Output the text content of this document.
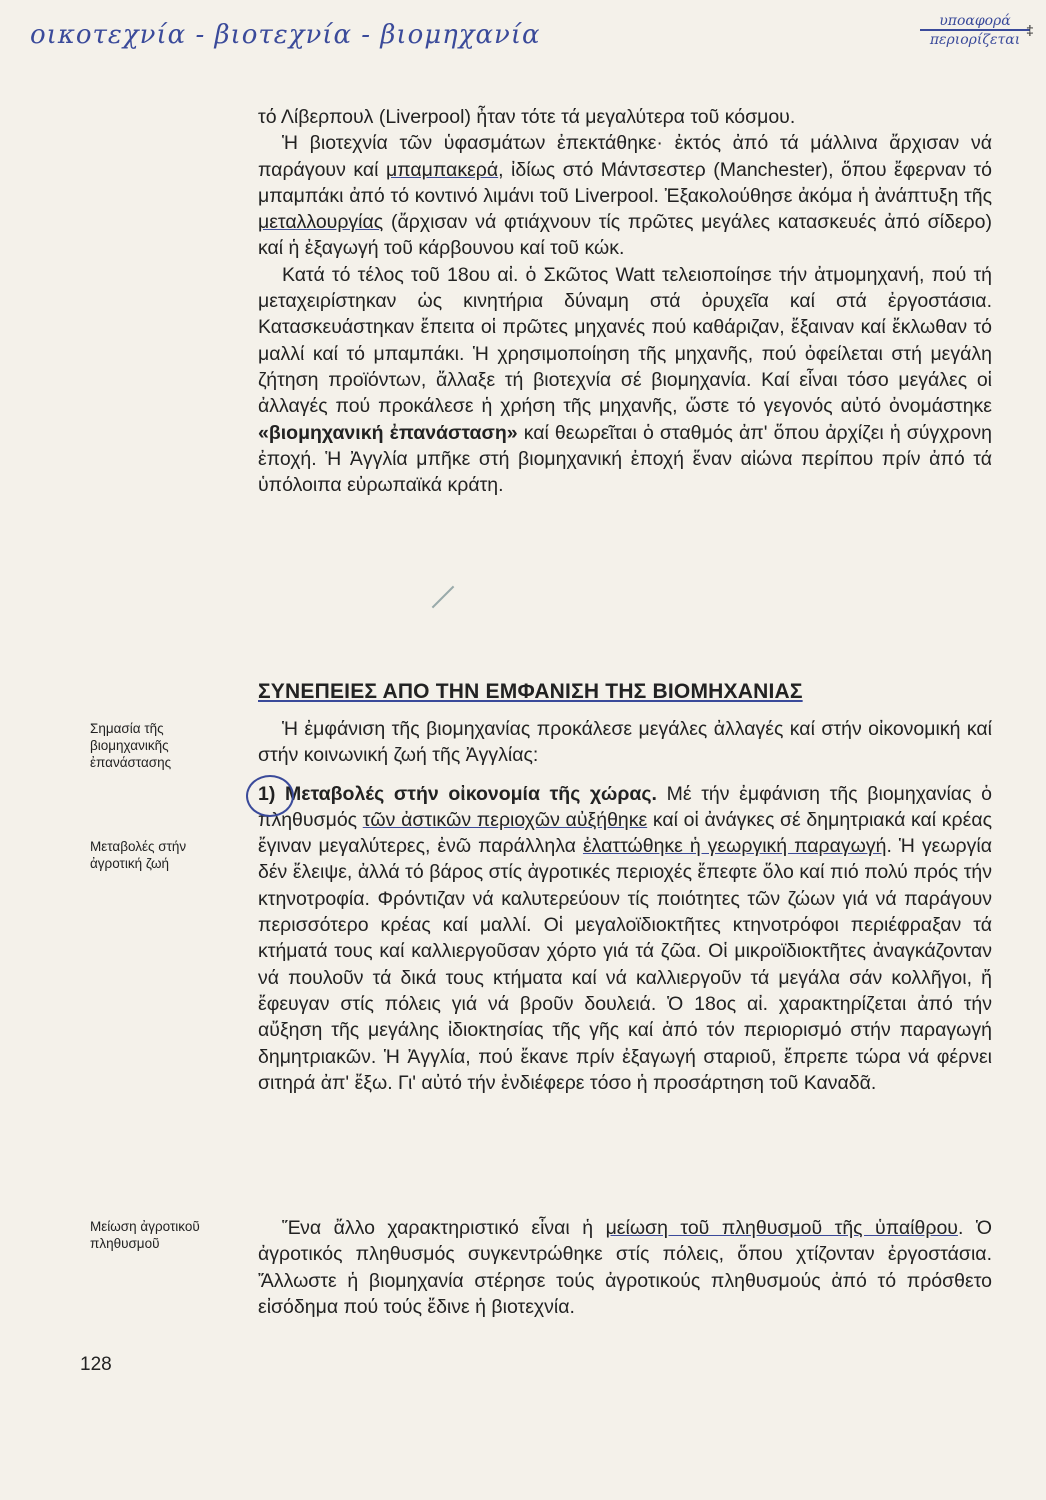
οικοτεχνία - βιοτεχνία - βιομηχανία	υποαφορά
περιορίζεται
‡

τό Λίβερπουλ (Liverpool) ἦταν τότε τά μεγαλύτερα τοῦ κόσμου.

Ἡ βιοτεχνία τῶν ὑφασμάτων ἐπεκτάθηκε· ἐκτός ἀπό τά μάλλινα ἄρχισαν νά παράγουν καί μπαμπακερά, ἰδίως στό Μάντσεστερ (Manchester), ὅπου ἔφερναν τό μπαμπάκι ἀπό τό κοντινό λιμάνι τοῦ Liverpool. Ἐξακολούθησε ἀκόμα ἡ ἀνάπτυξη τῆς μεταλλουργίας (ἄρχισαν νά φτιάχνουν τίς πρῶτες μεγάλες κατασκευές ἀπό σίδερο) καί ἡ ἐξαγωγή τοῦ κάρβουνου καί τοῦ κώκ.

Κατά τό τέλος τοῦ 18ου αἰ. ὁ Σκῶτος Watt τελειοποίησε τήν ἀτμομηχανή, πού τή μεταχειρίστηκαν ὡς κινητήρια δύναμη στά ὀρυχεῖα καί στά ἐργοστάσια. Κατασκευάστηκαν ἔπειτα οἱ πρῶτες μηχανές πού καθάριζαν, ἔξαιναν καί ἔκλωθαν τό μαλλί καί τό μπαμπάκι. Ἡ χρησιμοποίηση τῆς μηχανῆς, πού ὀφείλεται στή μεγάλη ζήτηση προϊόντων, ἄλλαξε τή βιοτεχνία σέ βιομηχανία. Καί εἶναι τόσο μεγάλες οἱ ἀλλαγές πού προκάλεσε ἡ χρήση τῆς μηχανῆς, ὥστε τό γεγονός αὐτό ὀνομάστηκε «βιομηχανική ἐπανάσταση» καί θεωρεῖται ὁ σταθμός ἀπ' ὅπου ἀρχίζει ἡ σύγχρονη ἐποχή. Ἡ Ἀγγλία μπῆκε στή βιομηχανική ἐποχή ἕναν αἰώνα περίπου πρίν ἀπό τά ὑπόλοιπα εὐρωπαϊκά κράτη.

ΣΥΝΕΠΕΙΕΣ ΑΠΟ ΤΗΝ ΕΜΦΑΝΙΣΗ ΤΗΣ ΒΙΟΜΗΧΑΝΙΑΣ

Ἡ ἐμφάνιση τῆς βιομηχανίας προκάλεσε μεγάλες ἀλλαγές καί στήν οἰκονομική καί στήν κοινωνική ζωή τῆς Ἀγγλίας:

1) Μεταβολές στήν οἰκονομία τῆς χώρας. Μέ τήν ἐμφάνιση τῆς βιομηχανίας ὁ πληθυσμός τῶν ἀστικῶν περιοχῶν αὐξήθηκε καί οἱ ἀνάγκες σέ δημητριακά καί κρέας ἔγιναν μεγαλύτερες, ἐνῶ παράλληλα ἐλαττώθηκε ἡ γεωργική παραγωγή. Ἡ γεωργία δέν ἔλειψε, ἀλλά τό βάρος στίς ἀγροτικές περιοχές ἔπεφτε ὅλο καί πιό πολύ πρός τήν κτηνοτροφία. Φρόντιζαν νά καλυτερεύουν τίς ποιότητες τῶν ζώων γιά νά παράγουν περισσότερο κρέας καί μαλλί. Οἱ μεγαλοϊδιοκτῆτες κτηνοτρόφοι περιέφραξαν τά κτήματά τους καί καλλιεργοῦσαν χόρτο γιά τά ζῶα. Οἱ μικροϊδιοκτῆτες ἀναγκάζονταν νά πουλοῦν τά δικά τους κτήματα καί νά καλλιεργοῦν τά μεγάλα σάν κολλῆγοι, ἤ ἔφευγαν στίς πόλεις γιά νά βροῦν δουλειά. Ὁ 18ος αἰ. χαρακτηρίζεται ἀπό τήν αὔξηση τῆς μεγάλης ἰδιοκτησίας τῆς γῆς καί ἀπό τόν περιορισμό στήν παραγωγή δημητριακῶν. Ἡ Ἀγγλία, πού ἔκανε πρίν ἐξαγωγή σταριοῦ, ἔπρεπε τώρα νά φέρνει σιτηρά ἀπ' ἔξω. Γι' αὐτό τήν ἐνδιέφερε τόσο ἡ προσάρτηση τοῦ Καναδᾶ.

Ἕνα ἄλλο χαρακτηριστικό εἶναι ἡ μείωση τοῦ πληθυσμοῦ τῆς ὑπαίθρου. Ὁ ἀγροτικός πληθυσμός συγκεντρώθηκε στίς πόλεις, ὅπου χτίζονταν ἐργοστάσια. Ἄλλωστε ἡ βιομηχανία στέρησε τούς ἀγροτικούς πληθυσμούς ἀπό τό πρόσθετο εἰσόδημα πού τούς ἔδινε ἡ βιοτεχνία.

Σημασία τῆς βιομηχανικῆς ἐπανάστασης
Μεταβολές στήν ἀγροτική ζωή
Μείωση ἀγροτικοῦ πληθυσμοῦ
128
